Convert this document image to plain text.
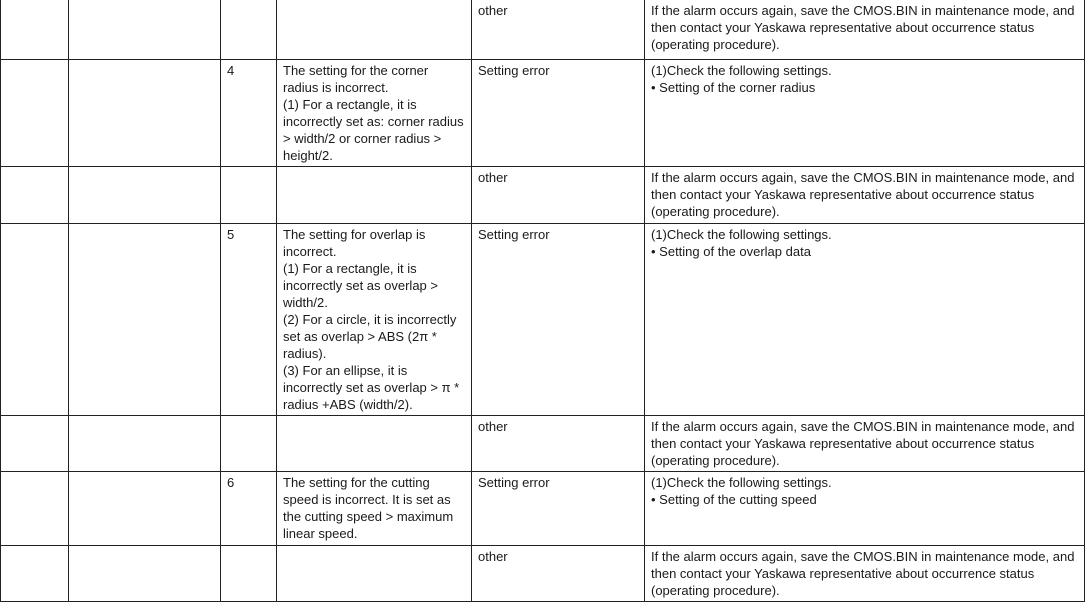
				other	If the alarm occurs again, save the CMOS.BIN in maintenance mode, and then contact your Yaskawa representative about occurrence status (operating procedure).
		4	The setting for the corner radius is incorrect.
(1) For a rectangle, it is incorrectly set as: corner radius > width/2 or corner radius > height/2.	Setting error	(1)Check the following settings.
• Setting of the corner radius
				other	If the alarm occurs again, save the CMOS.BIN in maintenance mode, and then contact your Yaskawa representative about occurrence status (operating procedure).
		5	The setting for overlap is incorrect.
(1) For a rectangle, it is incorrectly set as overlap > width/2.
(2) For a circle, it is incorrectly set as overlap > ABS (2π * radius).
(3) For an ellipse, it is incorrectly set as overlap > π * radius +ABS (width/2).	Setting error	(1)Check the following settings.
• Setting of the overlap data
				other	If the alarm occurs again, save the CMOS.BIN in maintenance mode, and then contact your Yaskawa representative about occurrence status (operating procedure).
		6	The setting for the cutting speed is incorrect. It is set as the cutting speed > maximum linear speed.	Setting error	(1)Check the following settings.
• Setting of the cutting speed
				other	If the alarm occurs again, save the CMOS.BIN in maintenance mode, and then contact your Yaskawa representative about occurrence status (operating procedure).
